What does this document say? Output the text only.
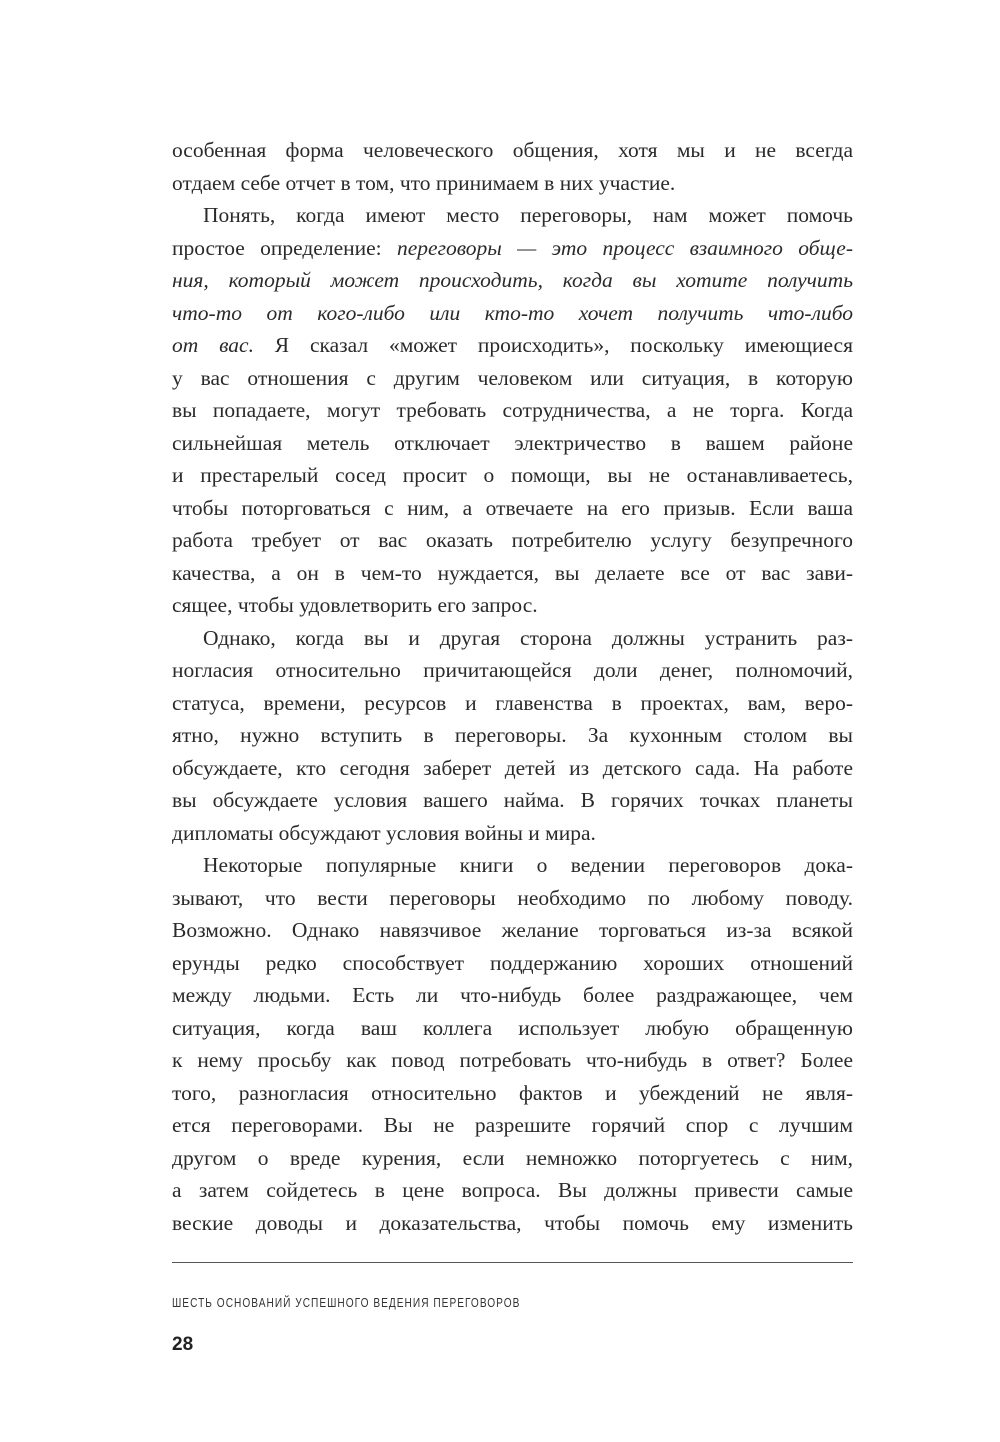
особенная форма человеческого общения, хотя мы и не всегда
отдаем себе отчет в том, что принимаем в них участие.
Понять, когда имеют место переговоры, нам может помочь
простое определение: переговоры — это процесс взаимного обще-
ния, который может происходить, когда вы хотите получить
что-то от кого-либо или кто-то хочет получить что-либо
от вас. Я сказал «может происходить», поскольку имеющиеся
у вас отношения с другим человеком или ситуация, в которую
вы попадаете, могут требовать сотрудничества, а не торга. Когда
сильнейшая метель отключает электричество в вашем районе
и престарелый сосед просит о помощи, вы не останавливаетесь,
чтобы поторговаться с ним, а отвечаете на его призыв. Если ваша
работа требует от вас оказать потребителю услугу безупречного
качества, а он в чем-то нуждается, вы делаете все от вас зави-
сящее, чтобы удовлетворить его запрос.
Однако, когда вы и другая сторона должны устранить раз-
ногласия относительно причитающейся доли денег, полномочий,
статуса, времени, ресурсов и главенства в проектах, вам, веро-
ятно, нужно вступить в переговоры. За кухонным столом вы
обсуждаете, кто сегодня заберет детей из детского сада. На работе
вы обсуждаете условия вашего найма. В горячих точках планеты
дипломаты обсуждают условия войны и мира.
Некоторые популярные книги о ведении переговоров дока-
зывают, что вести переговоры необходимо по любому поводу.
Возможно. Однако навязчивое желание торговаться из-за всякой
ерунды редко способствует поддержанию хороших отношений
между людьми. Есть ли что-нибудь более раздражающее, чем
ситуация, когда ваш коллега использует любую обращенную
к нему просьбу как повод потребовать что-нибудь в ответ? Более
того, разногласия относительно фактов и убеждений не явля-
ется переговорами. Вы не разрешите горячий спор с лучшим
другом о вреде курения, если немножко поторгуетесь с ним,
а затем сойдетесь в цене вопроса. Вы должны привести самые
веские доводы и доказательства, чтобы помочь ему изменить
ШЕСТЬ ОСНОВАНИЙ УСПЕШНОГО ВЕДЕНИЯ ПЕРЕГОВОРОВ
28
